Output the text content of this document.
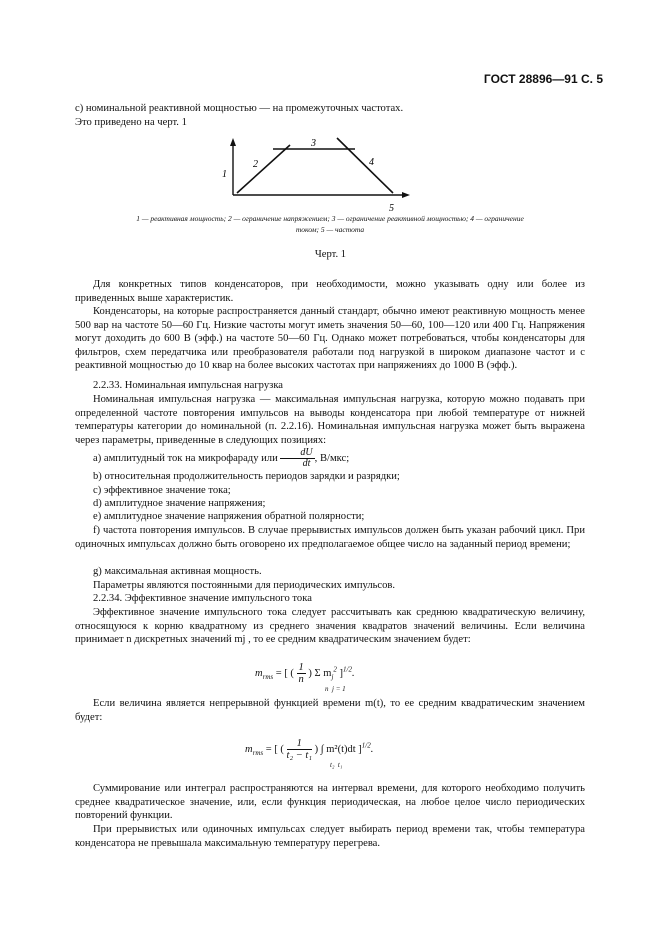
ГОСТ 28896—91 С. 5

c) номинальной реактивной мощностью — на промежуточных частотах.

Это приведено на черт. 1

1
2
3
4
5
1 — реактивная мощность; 2 — ограничение напряжением; 3 — ограничение реактивной мощностью; 4 — ограничение
током; 5 — частота
Черт. 1

Для конкретных типов конденсаторов, при необходимости, можно указывать одну или более из приведенных выше характеристик.

Конденсаторы, на которые распространяется данный стандарт, обычно имеют реактивную мощность менее 500 вар на частоте 50—60 Гц. Низкие частоты могут иметь значения 50—60, 100—120 или 400 Гц. Напряжения могут доходить до 600 В (эфф.) на частоте 50—60 Гц. Однако может потребоваться, чтобы конденсаторы для фильтров, схем передатчика или преобразователя работали под нагрузкой в широком диапазоне частот и с реактивной мощностью до 10 квар на более высоких частотах при напряжениях до 1000 В (эфф.).

2.2.33. Номинальная импульсная нагрузка

Номинальная импульсная нагрузка — максимальная импульсная нагрузка, которую можно подавать при определенной частоте повторения импульсов на выводы конденсатора при любой температуре от нижней температуры категории до номинальной (п. 2.2.16). Номинальная импульсная нагрузка может быть выражена через параметры, приведенные в следующих позициях:

а) амплитудный ток на микрофараду или $\frac{dU}{dt}$ , В/мкс;

b) относительная продолжительность периодов зарядки и разрядки;

c) эффективное значение тока;

d) амплитудное значение напряжения;

e) амплитудное значение напряжения обратной полярности;

f) частота повторения импульсов. В случае прерывистых импульсов должен быть указан рабочий цикл. При одиночных импульсах должно быть оговорено их предполагаемое общее число на заданный период времени;

g) максимальная активная мощность.

Параметры являются постоянными для периодических импульсов.

2.2.34. Эффективное значение импульсного тока

Эффективное значение импульсного тока следует рассчитывать как среднюю квадратическую величину, относящуюся к корню квадратному из среднего значения квадратов значений величины. Если величина принимает n дискретных значений mj , то ее средним квадратическим значением будет:

$m_{rms}$ = [ ( $\frac{1}{n}$ ) Σ $m_j^2$ ]$^{1/2}$.
n j = 1

Если величина является непрерывной функцией времени m(t), то ее средним квадратическим значением будет:

$m_{rms}$ = [ ( $\frac{1}{\text{t₂ − t₁}}$ ) ∫ m²(t)dt ]$^{1/2}$.
t₂ t₁

Суммирование или интеграл распространяются на интервал времени, для которого необходимо получить среднее квадратическое значение, или, если функция периодическая, на любое целое число периодических повторений функции.

При прерывистых или одиночных импульсах следует выбирать период времени так, чтобы температура конденсатора не превышала максимальную температуру перегрева.
